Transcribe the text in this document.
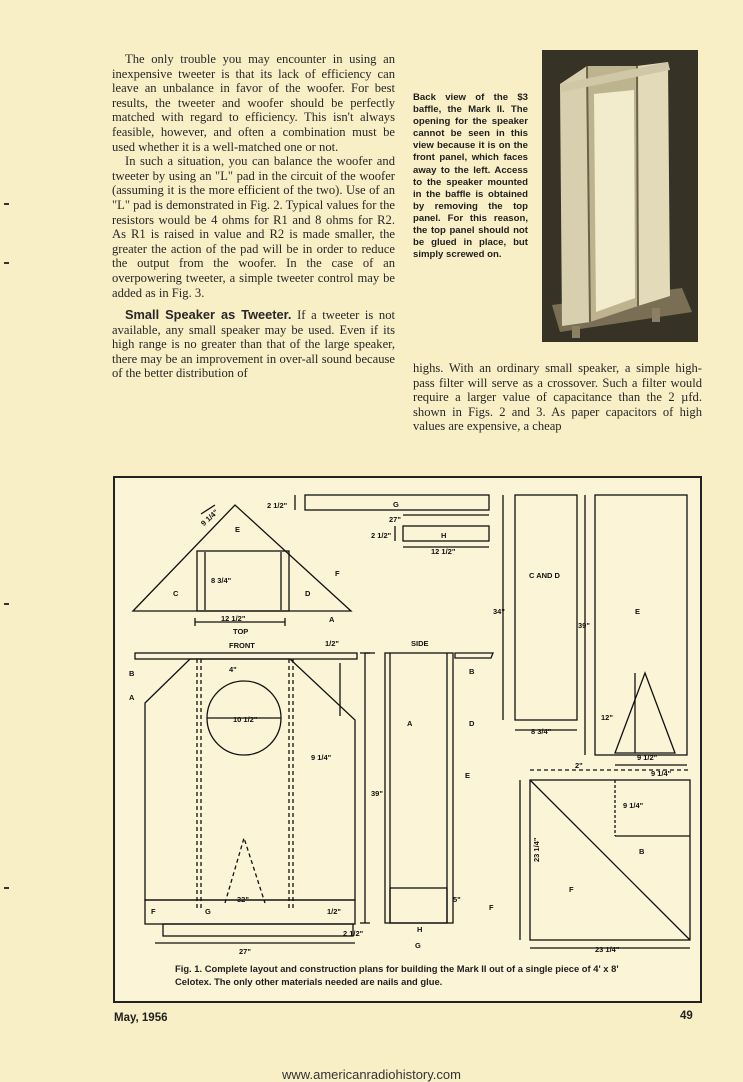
The only trouble you may encounter in using an inexpensive tweeter is that its lack of efficiency can leave an unbalance in favor of the woofer. For best results, the tweeter and woofer should be perfectly matched with regard to efficiency. This isn't always feasible, however, and often a combination must be used whether it is a well-matched one or not.

In such a situation, you can balance the woofer and tweeter by using an "L" pad in the circuit of the woofer (assuming it is the more efficient of the two). Use of an "L" pad is demonstrated in Fig. 2. Typical values for the resistors would be 4 ohms for R1 and 8 ohms for R2. As R1 is raised in value and R2 is made smaller, the greater the action of the pad will be in order to reduce the output from the woofer. In the case of an overpowering tweeter, a simple tweeter control may be added as in Fig. 3.

Small Speaker as Tweeter. If a tweeter is not available, any small speaker may be used. Even if its high range is no greater than that of the large speaker, there may be an improvement in over-all sound because of the better distribution of

Back view of the $3 baffle, the Mark II. The opening for the speaker cannot be seen in this view because it is on the front panel, which faces away to the left. Access to the speaker mounted in the baffle is obtained by removing the top panel. For this reason, the top panel should not be glued in place, but simply screwed on.

highs. With an ordinary small speaker, a simple high-pass filter will serve as a crossover. Such a filter would require a larger value of capacitance than the 2 µfd. shown in Figs. 2 and 3. As paper capacitors of high values are expensive, a cheap

9 1/4"
E
8 3/4"
C	D
F
12 1/2"
TOP
A
2 1/2"	G
27"
2 1/2"	H
12 1/2"
FRONT	1/2"
B
A
4"
10 1/2"
9 1/4"
39"
32"
F	G	1/2"
27"
2 1/2"
SIDE
B
A	D
E
5"
H
F
G
C AND D
34"
8 3/4"
E
39"
12"
2"
9 1/2"
9 1/4"
9 1/4"
B
F
23 1/4"
23 1/4"
Fig. 1. Complete layout and construction plans for building the Mark II out of a single piece of 4' x 8' Celotex. The only other materials needed are nails and glue.
May, 1956	49
www.americanradiohistory.com
